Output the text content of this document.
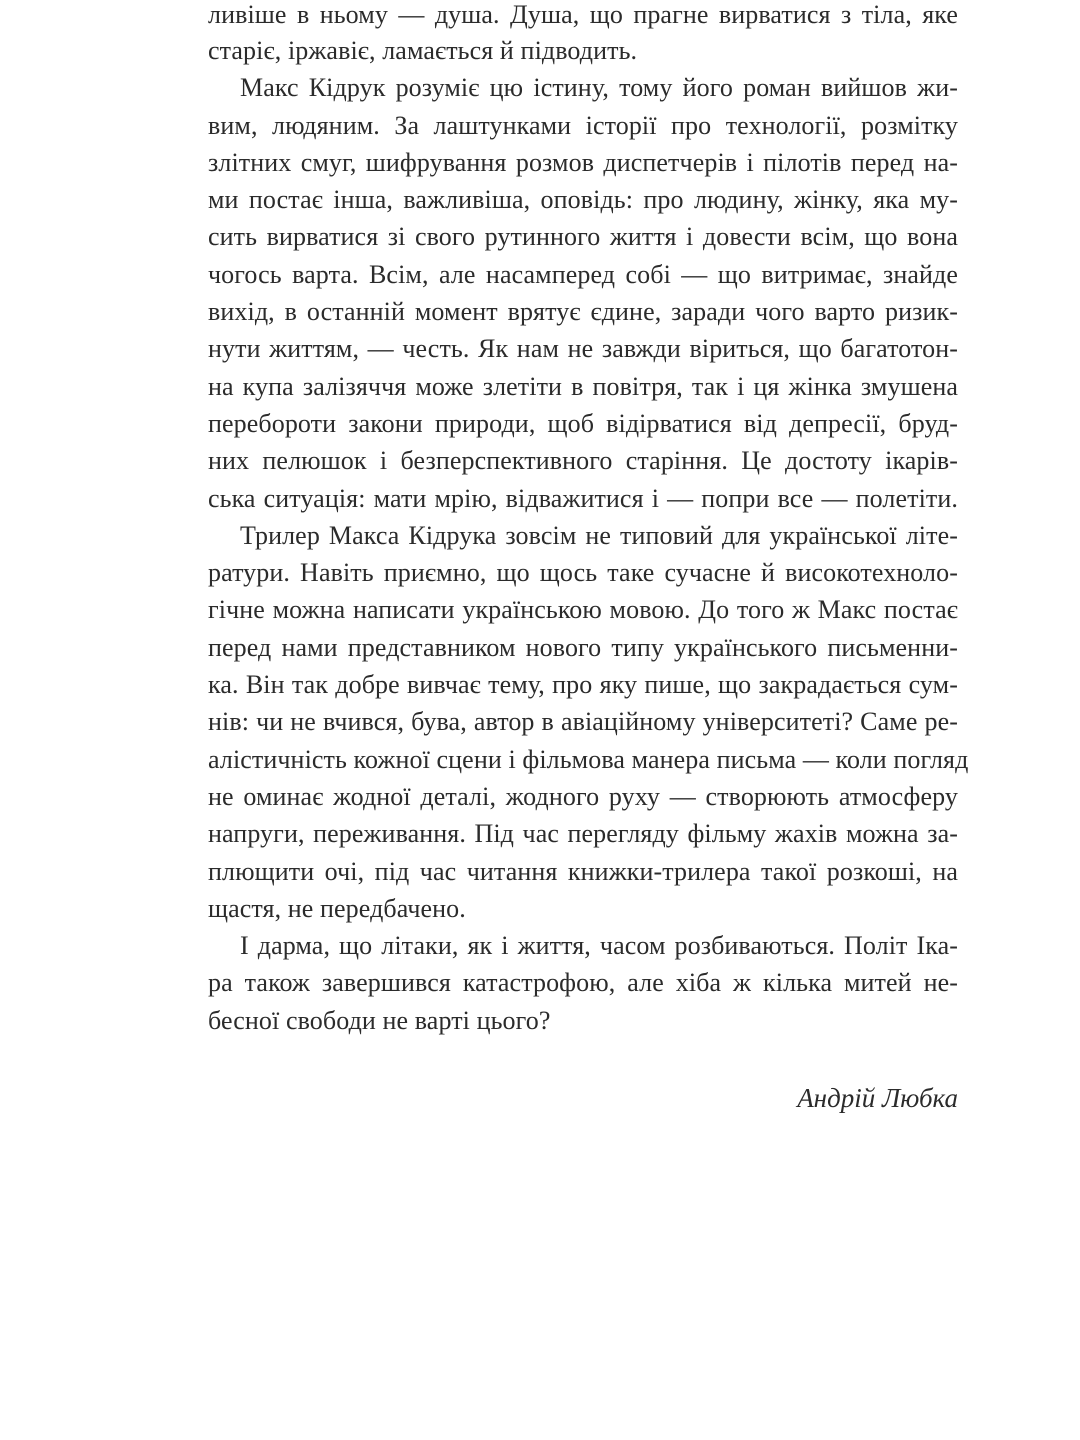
ливіше в ньому — душа. Душа, що прагне вирватися з тіла, яке
старіє, іржавіє, ламається й підводить.
Макс Кідрук розуміє цю істину, тому його роман вийшов жи-
вим, людяним. За лаштунками історії про технології, розмітку
злітних смуг, шифрування розмов диспетчерів і пілотів перед на-
ми постає інша, важливіша, оповідь: про людину, жінку, яка му-
сить вирватися зі свого рутинного життя і довести всім, що вона
чогось варта. Всім, але насамперед собі — що витримає, знайде
вихід, в останній момент врятує єдине, заради чого варто ризик-
нути життям, — честь. Як нам не завжди віриться, що багатотон-
на купа залізяччя може злетіти в повітря, так і ця жінка змушена
перебороти закони природи, щоб відірватися від депресії, бруд-
них пелюшок і безперспективного старіння. Це достоту ікарів-
ська ситуація: мати мрію, відважитися і — попри все — полетіти.
Трилер Макса Кідрука зовсім не типовий для української літе-
ратури. Навіть приємно, що щось таке сучасне й високотехноло-
гічне можна написати українською мовою. До того ж Макс постає
перед нами представником нового типу українського письменни-
ка. Він так добре вивчає тему, про яку пише, що закрадається сум-
нів: чи не вчився, бува, автор в авіаційному університеті? Саме ре-
алістичність кожної сцени і фільмова манера письма — коли погляд
не оминає жодної деталі, жодного руху — створюють атмосферу
напруги, переживання. Під час перегляду фільму жахів можна за-
плющити очі, під час читання книжки-трилера такої розкоші, на
щастя, не передбачено.
І дарма, що літаки, як і життя, часом розбиваються. Політ Іка-
ра також завершився катастрофою, але хіба ж кілька митей не-
бесної свободи не варті цього?
Андрій Любка
